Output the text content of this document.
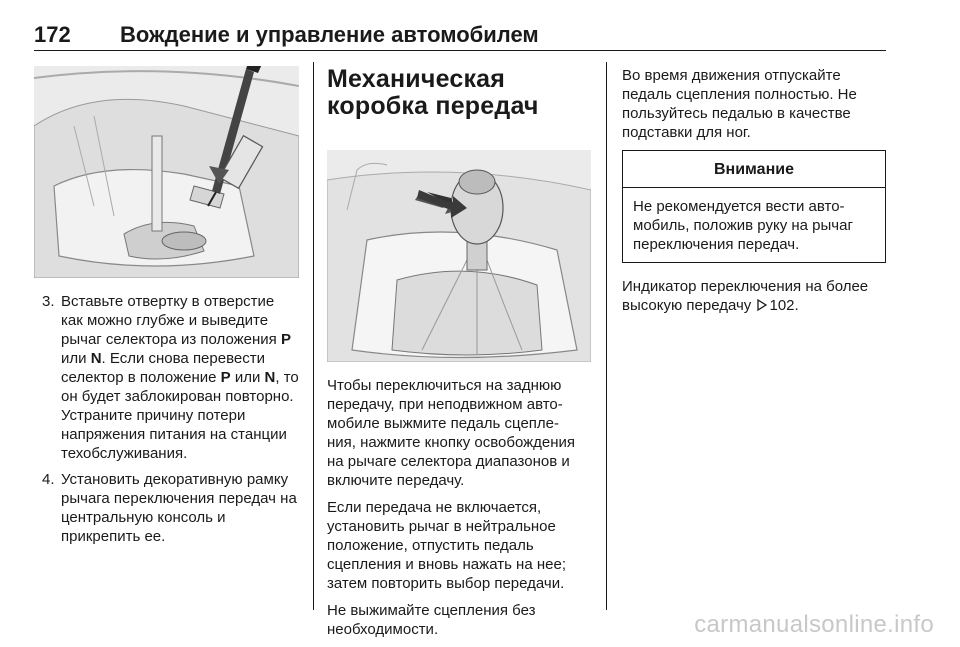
172 Вождение и управление автомобилем
3. Вставьте отвертку в отверстие как можно глубже и выведите рычаг селектора из положения P или N. Если снова перевести селектор в положение P или N, то он будет заблокирован повторно. Устраните причину потери напряжения питания на станции техобслуживания.
4. Установить декоративную рамку рычага переключения передач на центральную консоль и прикрепить ее.
Механическая
коробка передач

Чтобы переключиться на заднюю передачу, при неподвижном авто- мобиле выжмите педаль сцепле- ния, нажмите кнопку освобождения на рычаге селектора диапазонов и включите передачу.

Если передача не включается, установить рычаг в нейтральное положение, отпустить педаль сцепления и вновь нажать на нее; затем повторить выбор передачи.

Не выжимайте сцепления без необходимости.

Во время движения отпускайте педаль сцепления полностью. Не пользуйтесь педалью в качестве подставки для ног.

Внимание
Не рекомендуется вести авто- мобиль, положив руку на рычаг переключения передач.

Индикатор переключения на более высокую передачу 102.

carmanualsonline.info
